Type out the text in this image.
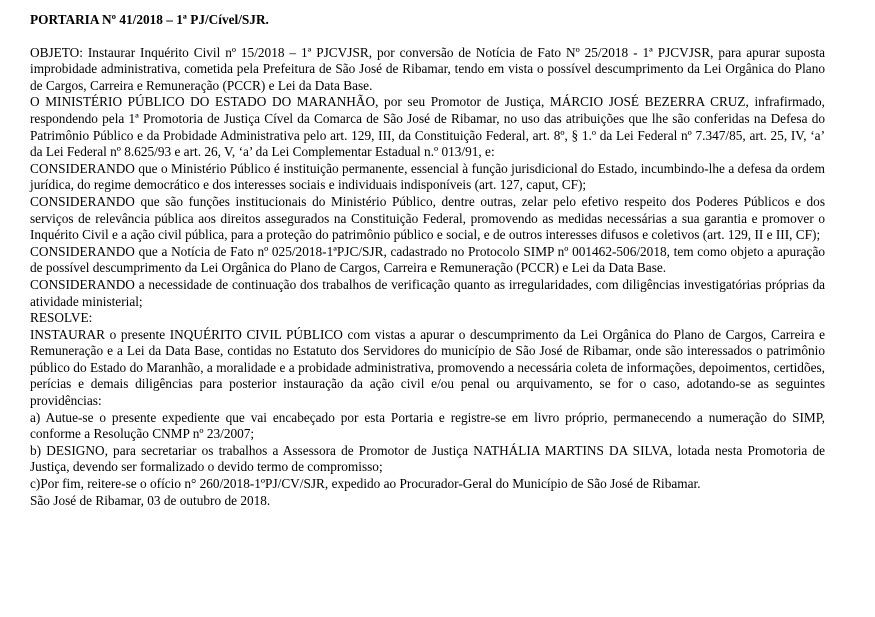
PORTARIA Nº 41/2018 – 1ª PJ/Cível/SJR.

OBJETO: Instaurar Inquérito Civil nº 15/2018 – 1ª PJCVJSR, por conversão de Notícia de Fato Nº 25/2018 - 1ª PJCVJSR, para apurar suposta improbidade administrativa, cometida pela Prefeitura de São José de Ribamar, tendo em vista o possível descumprimento da Lei Orgânica do Plano de Cargos, Carreira e Remuneração (PCCR) e Lei da Data Base.

O MINISTÉRIO PÚBLICO DO ESTADO DO MARANHÃO, por seu Promotor de Justiça, MÁRCIO JOSÉ BEZERRA CRUZ, infrafirmado, respondendo pela 1ª Promotoria de Justiça Cível da Comarca de São José de Ribamar, no uso das atribuições que lhe são conferidas na Defesa do Patrimônio Público e da Probidade Administrativa pelo art. 129, III, da Constituição Federal, art. 8º, § 1.º da Lei Federal nº 7.347/85, art. 25, IV, ‘a’ da Lei Federal nº 8.625/93 e art. 26, V, ‘a’ da Lei Complementar Estadual n.º 013/91, e:

CONSIDERANDO que o Ministério Público é instituição permanente, essencial à função jurisdicional do Estado, incumbindo-lhe a defesa da ordem jurídica, do regime democrático e dos interesses sociais e individuais indisponíveis (art. 127, caput, CF);

CONSIDERANDO que são funções institucionais do Ministério Público, dentre outras, zelar pelo efetivo respeito dos Poderes Públicos e dos serviços de relevância pública aos direitos assegurados na Constituição Federal, promovendo as medidas necessárias a sua garantia e promover o Inquérito Civil e a ação civil pública, para a proteção do patrimônio público e social, e de outros interesses difusos e coletivos (art. 129, II e III, CF);

CONSIDERANDO que a Notícia de Fato nº 025/2018-1ªPJC/SJR, cadastrado no Protocolo SIMP nº 001462-506/2018, tem como objeto a apuração de possível descumprimento da Lei Orgânica do Plano de Cargos, Carreira e Remuneração (PCCR) e Lei da Data Base.

CONSIDERANDO a necessidade de continuação dos trabalhos de verificação quanto as irregularidades, com diligências investigatórias próprias da atividade ministerial;

RESOLVE:

INSTAURAR o presente INQUÉRITO CIVIL PÚBLICO com vistas a apurar o descumprimento da Lei Orgânica do Plano de Cargos, Carreira e Remuneração e a Lei da Data Base, contidas no Estatuto dos Servidores do município de São José de Ribamar, onde são interessados o patrimônio público do Estado do Maranhão, a moralidade e a probidade administrativa, promovendo a necessária coleta de informações, depoimentos, certidões, perícias e demais diligências para posterior instauração da ação civil e/ou penal ou arquivamento, se for o caso, adotando-se as seguintes providências:

a) Autue-se o presente expediente que vai encabeçado por esta Portaria e registre-se em livro próprio, permanecendo a numeração do SIMP, conforme a Resolução CNMP nº 23/2007;

b) DESIGNO, para secretariar os trabalhos a Assessora de Promotor de Justiça NATHÁLIA MARTINS DA SILVA, lotada nesta Promotoria de Justiça, devendo ser formalizado o devido termo de compromisso;

c)Por fim, reitere-se o ofício n° 260/2018-1ºPJ/CV/SJR, expedido ao Procurador-Geral do Município de São José de Ribamar.

São José de Ribamar, 03 de outubro de 2018.
